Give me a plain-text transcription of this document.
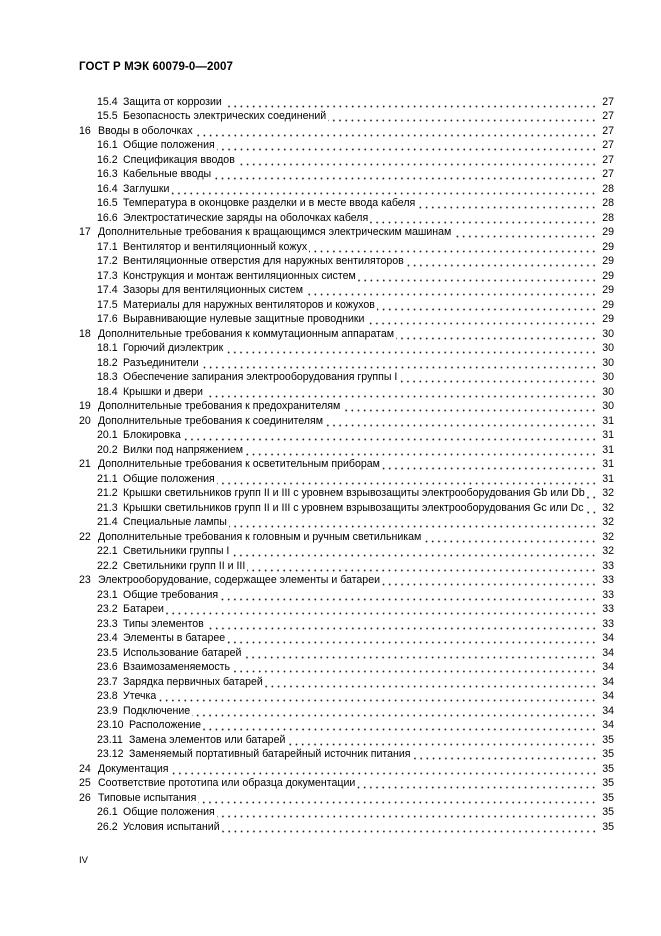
ГОСТ Р МЭК 60079-0—2007
15.4 Защита от коррозии	27
15.5 Безопасность электрических соединений	27
16 Вводы в оболочках	27
16.1 Общие положения	27
16.2 Спецификация вводов	27
16.3 Кабельные вводы	27
16.4 Заглушки	28
16.5 Температура в оконцовке разделки и в месте ввода кабеля	28
16.6 Электростатические заряды на оболочках кабеля	28
17 Дополнительные требования к вращающимся электрическим машинам	29
17.1 Вентилятор и вентиляционный кожух	29
17.2 Вентиляционные отверстия для наружных вентиляторов	29
17.3 Конструкция и монтаж вентиляционных систем	29
17.4 Зазоры для вентиляционных систем	29
17.5 Материалы для наружных вентиляторов и кожухов	29
17.6 Выравнивающие нулевые защитные проводники	29
18 Дополнительные требования к коммутационным аппаратам	30
18.1 Горючий диэлектрик	30
18.2 Разъединители	30
18.3 Обеспечение запирания электрооборудования группы I	30
18.4 Крышки и двери	30
19 Дополнительные требования к предохранителям	30
20 Дополнительные требования к соединителям	31
20.1 Блокировка	31
20.2 Вилки под напряжением	31
21 Дополнительные требования к осветительным приборам	31
21.1 Общие положения	31
21.2 Крышки светильников групп II и III с уровнем взрывозащиты электрооборудования Gb или Db	32
21.3 Крышки светильников групп II и III с уровнем взрывозащиты электрооборудования Gc или Dc	32
21.4 Специальные лампы	32
22 Дополнительные требования к головным и ручным светильникам	32
22.1 Светильники группы I	32
22.2 Светильники групп II и III	33
23 Электрооборудование, содержащее элементы и батареи	33
23.1 Общие требования	33
23.2 Батареи	33
23.3 Типы элементов	33
23.4 Элементы в батарее	34
23.5 Использование батарей	34
23.6 Взаимозаменяемость	34
23.7 Зарядка первичных батарей	34
23.8 Утечка	34
23.9 Подключение	34
23.10 Расположение	34
23.11 Замена элементов или батарей	35
23.12 Заменяемый портативный батарейный источник питания	35
24 Документация	35
25 Соответствие прототипа или образца документации	35
26 Типовые испытания	35
26.1 Общие положения	35
26.2 Условия испытаний	35
IV
